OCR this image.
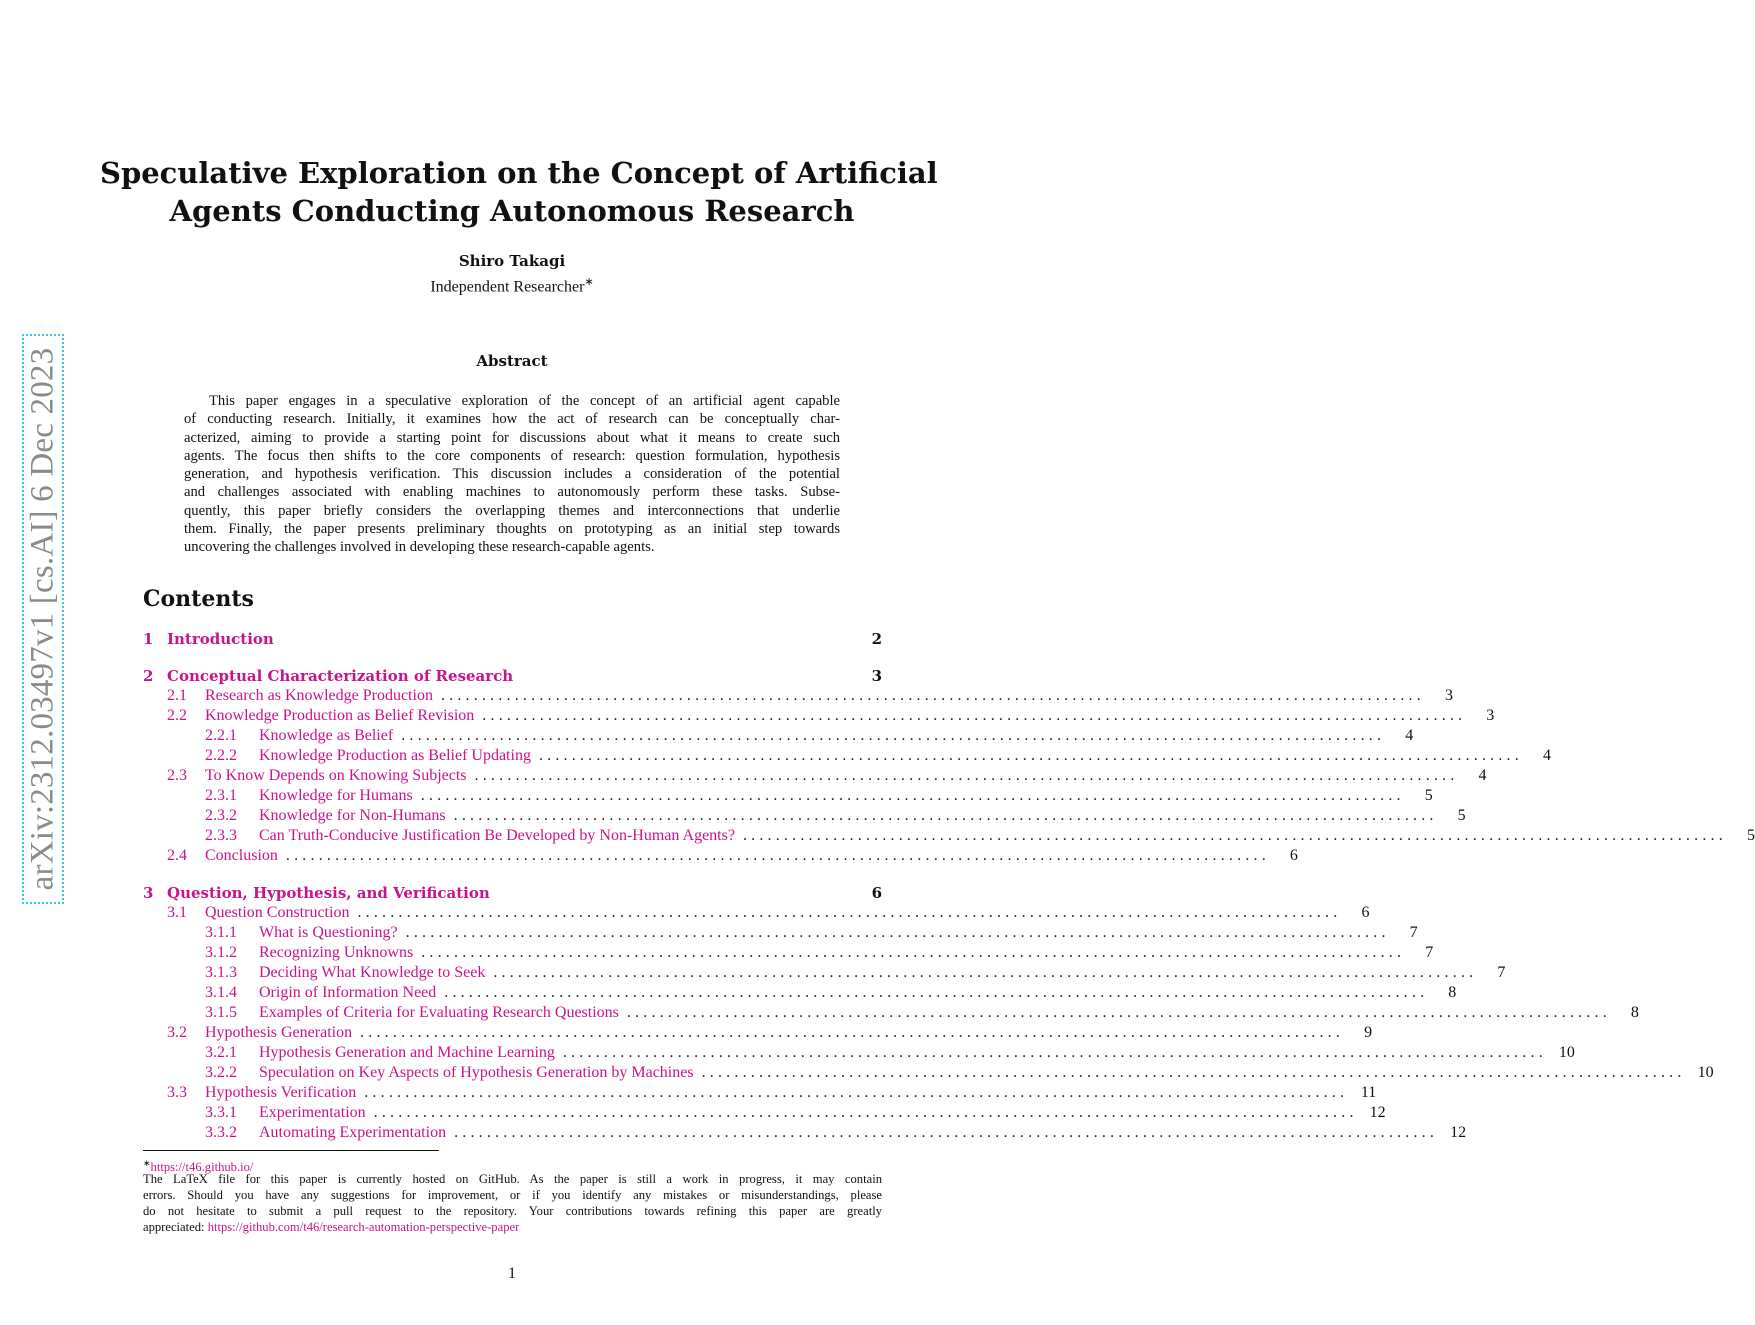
arXiv:2312.03497v1 [cs.AI] 6 Dec 2023
Speculative Exploration on the Concept of Artificial
Agents Conducting Autonomous Research
Shiro Takagi
Independent Researcher∗
Abstract
This paper engages in a speculative exploration of the concept of an artificial agent capable
of conducting research. Initially, it examines how the act of research can be conceptually char-
acterized, aiming to provide a starting point for discussions about what it means to create such
agents. The focus then shifts to the core components of research: question formulation, hypothesis
generation, and hypothesis verification. This discussion includes a consideration of the potential
and challenges associated with enabling machines to autonomously perform these tasks. Subse-
quently, this paper briefly considers the overlapping themes and interconnections that underlie
them. Finally, the paper presents preliminary thoughts on prototyping as an initial step towards
uncovering the challenges involved in developing these research-capable agents.
Contents
1 Introduction	2
2 Conceptual Characterization of Research	3
2.1	Research as Knowledge Production ........................................................................................................................	3
2.2	Knowledge Production as Belief Revision ........................................................................................................................	3
2.2.1	Knowledge as Belief ........................................................................................................................	4
2.2.2	Knowledge Production as Belief Updating ........................................................................................................................	4
2.3	To Know Depends on Knowing Subjects ........................................................................................................................	4
2.3.1	Knowledge for Humans ........................................................................................................................	5
2.3.2	Knowledge for Non-Humans ........................................................................................................................	5
2.3.3	Can Truth-Conducive Justification Be Developed by Non-Human Agents? ........................................................................................................................	5
2.4	Conclusion ........................................................................................................................	6
3 Question, Hypothesis, and Verification	6
3.1	Question Construction ........................................................................................................................	6
3.1.1	What is Questioning? ........................................................................................................................	7
3.1.2	Recognizing Unknowns ........................................................................................................................	7
3.1.3	Deciding What Knowledge to Seek ........................................................................................................................	7
3.1.4	Origin of Information Need ........................................................................................................................	8
3.1.5	Examples of Criteria for Evaluating Research Questions ........................................................................................................................	8
3.2	Hypothesis Generation ........................................................................................................................	9
3.2.1	Hypothesis Generation and Machine Learning ........................................................................................................................ 10
3.2.2	Speculation on Key Aspects of Hypothesis Generation by Machines ........................................................................................................................ 10
3.3	Hypothesis Verification ........................................................................................................................ 11
3.3.1	Experimentation ........................................................................................................................ 12
3.3.2	Automating Experimentation ........................................................................................................................ 12
∗https://t46.github.io/
The LaTeX file for this paper is currently hosted on GitHub. As the paper is still a work in progress, it may contain
errors. Should you have any suggestions for improvement, or if you identify any mistakes or misunderstandings, please
do not hesitate to submit a pull request to the repository. Your contributions towards refining this paper are greatly
appreciated: https://github.com/t46/research-automation-perspective-paper
1
